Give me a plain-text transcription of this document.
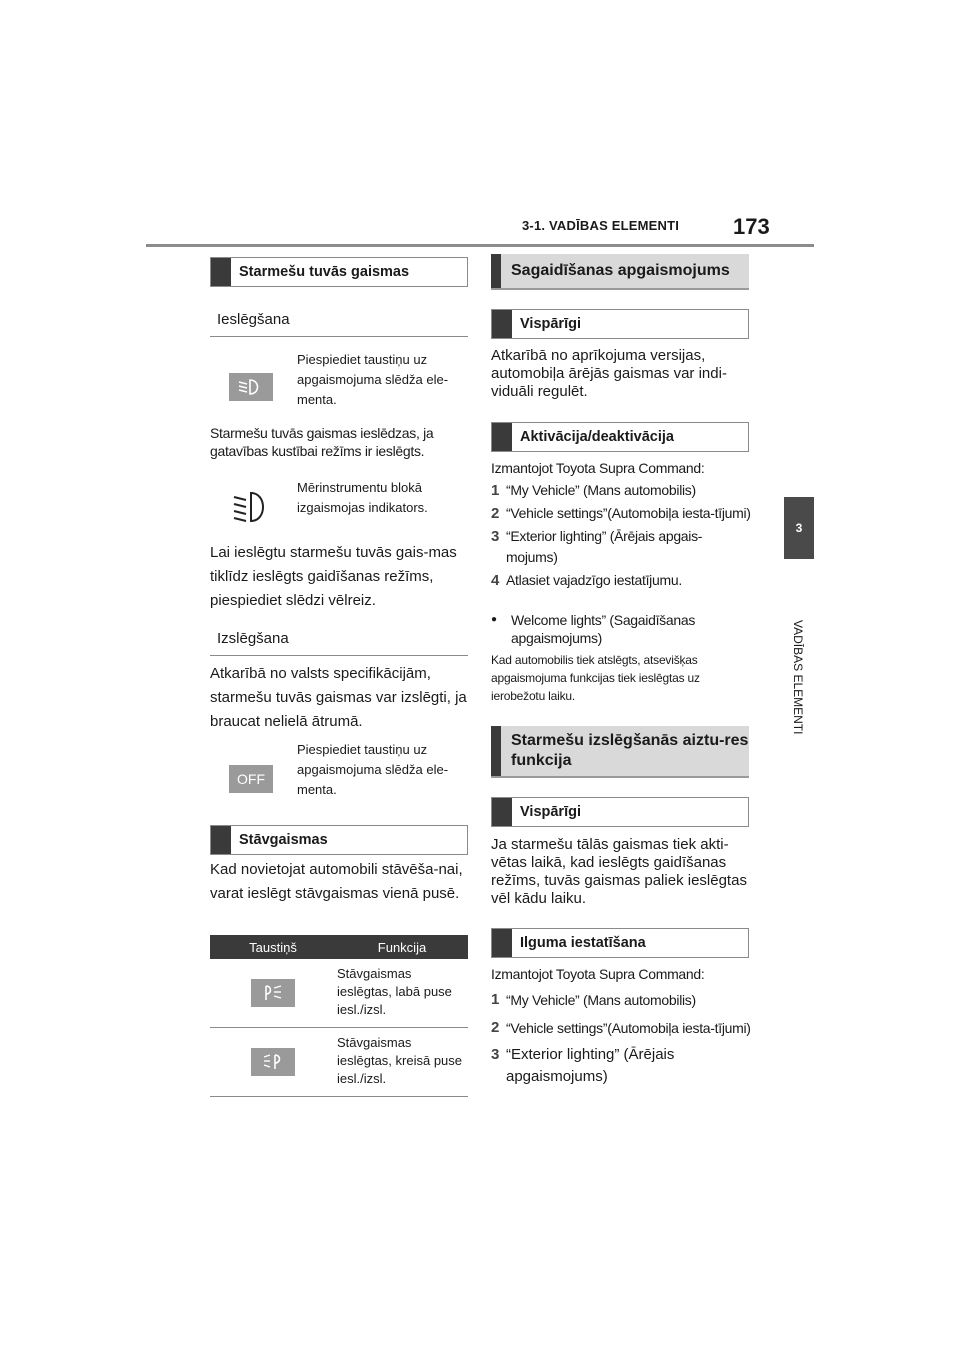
3-1. VADĪBAS ELEMENTI 173
3
VADĪBAS ELEMENTI
Starmešu tuvās gaismas
Ieslēgšana
Piespiediet taustiņu uz apgaismojuma slēdža ele-menta.
Starmešu tuvās gaismas ieslēdzas, ja gatavības kustībai režīms ir ieslēgts.
Mērinstrumentu blokā izgaismojas indikators.
Lai ieslēgtu starmešu tuvās gais-mas tiklīdz ieslēgts gaidīšanas režīms, piespiediet slēdzi vēlreiz.
Izslēgšana
Atkarībā no valsts specifikācijām, starmešu tuvās gaismas var izslēgti, ja braucat nelielā ātrumā.
OFF
Piespiediet taustiņu uz apgaismojuma slēdža ele-menta.
Stāvgaismas
Kad novietojat automobili stāvēša-nai, varat ieslēgt stāvgaismas vienā pusē.
Taustiņš	Funkcija

	Stāvgaismas ieslēgtas, labā puse iesl./izsl.

	Stāvgaismas ieslēgtas, kreisā puse iesl./izsl.
Sagaidīšanas apgaismojums
Vispārīgi
Atkarībā no aprīkojuma versijas, automobiļa ārējās gaismas var indi-viduāli regulēt.
Aktivācija/deaktivācija
Izmantojot Toyota Supra Command:
1 “My Vehicle” (Mans automobilis)
2 “Vehicle settings”(Automobiļa iesta-tījumi)
3 “Exterior lighting” (Ārējais apgais-mojums)
4 Atlasiet vajadzīgo iestatījumu.
●	Welcome lights” (Sagaidīšanas apgaismojums)
Kad automobilis tiek atslēgts, atsevišķas apgaismojuma funkcijas tiek ieslēgtas uz ierobežotu laiku.
Starmešu izslēgšanās aiztu-res funkcija
Vispārīgi
Ja starmešu tālās gaismas tiek akti-vētas laikā, kad ieslēgts gaidīšanas režīms, tuvās gaismas paliek ieslēgtas vēl kādu laiku.
Ilguma iestatīšana
Izmantojot Toyota Supra Command:
1 “My Vehicle” (Mans automobilis)
2 “Vehicle settings”(Automobiļa iesta-tījumi)
3 “Exterior lighting” (Ārējais apgaismojums)
